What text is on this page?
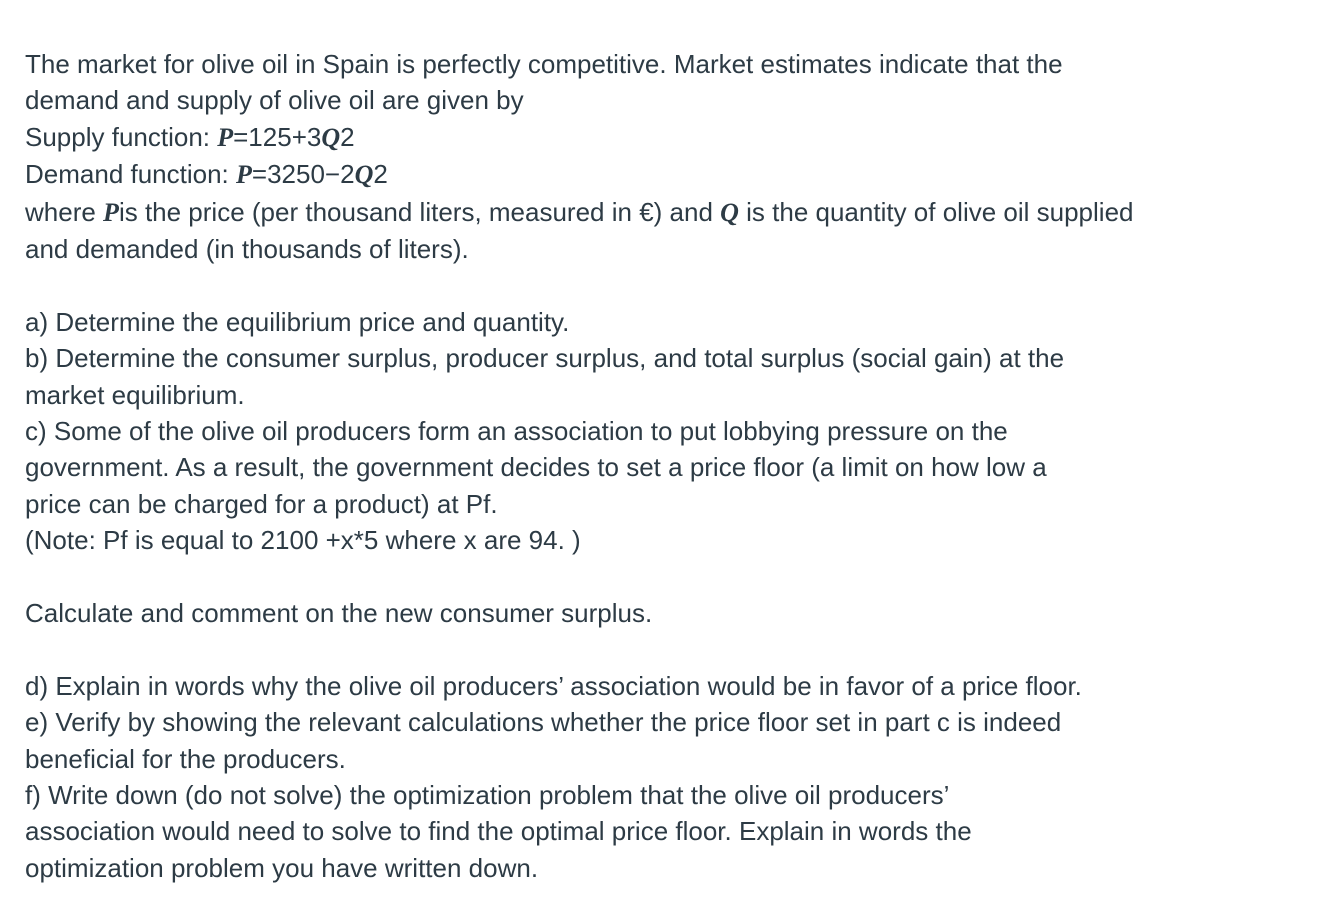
The market for olive oil in Spain is perfectly competitive. Market estimates indicate that the
demand and supply of olive oil are given by
Supply function: P=125+3Q2
Demand function: P=3250−2Q2
where Pis the price (per thousand liters, measured in €) and Q is the quantity of olive oil supplied
and demanded (in thousands of liters).
a) Determine the equilibrium price and quantity.
b) Determine the consumer surplus, producer surplus, and total surplus (social gain) at the
market equilibrium.
c) Some of the olive oil producers form an association to put lobbying pressure on the
government. As a result, the government decides to set a price floor (a limit on how low a
price can be charged for a product) at Pf.
(Note: Pf is equal to 2100 +x*5 where x are 94. )
Calculate and comment on the new consumer surplus.
d) Explain in words why the olive oil producers’ association would be in favor of a price floor.
e) Verify by showing the relevant calculations whether the price floor set in part c is indeed
beneficial for the producers.
f) Write down (do not solve) the optimization problem that the olive oil producers’
association would need to solve to find the optimal price floor. Explain in words the
optimization problem you have written down.
